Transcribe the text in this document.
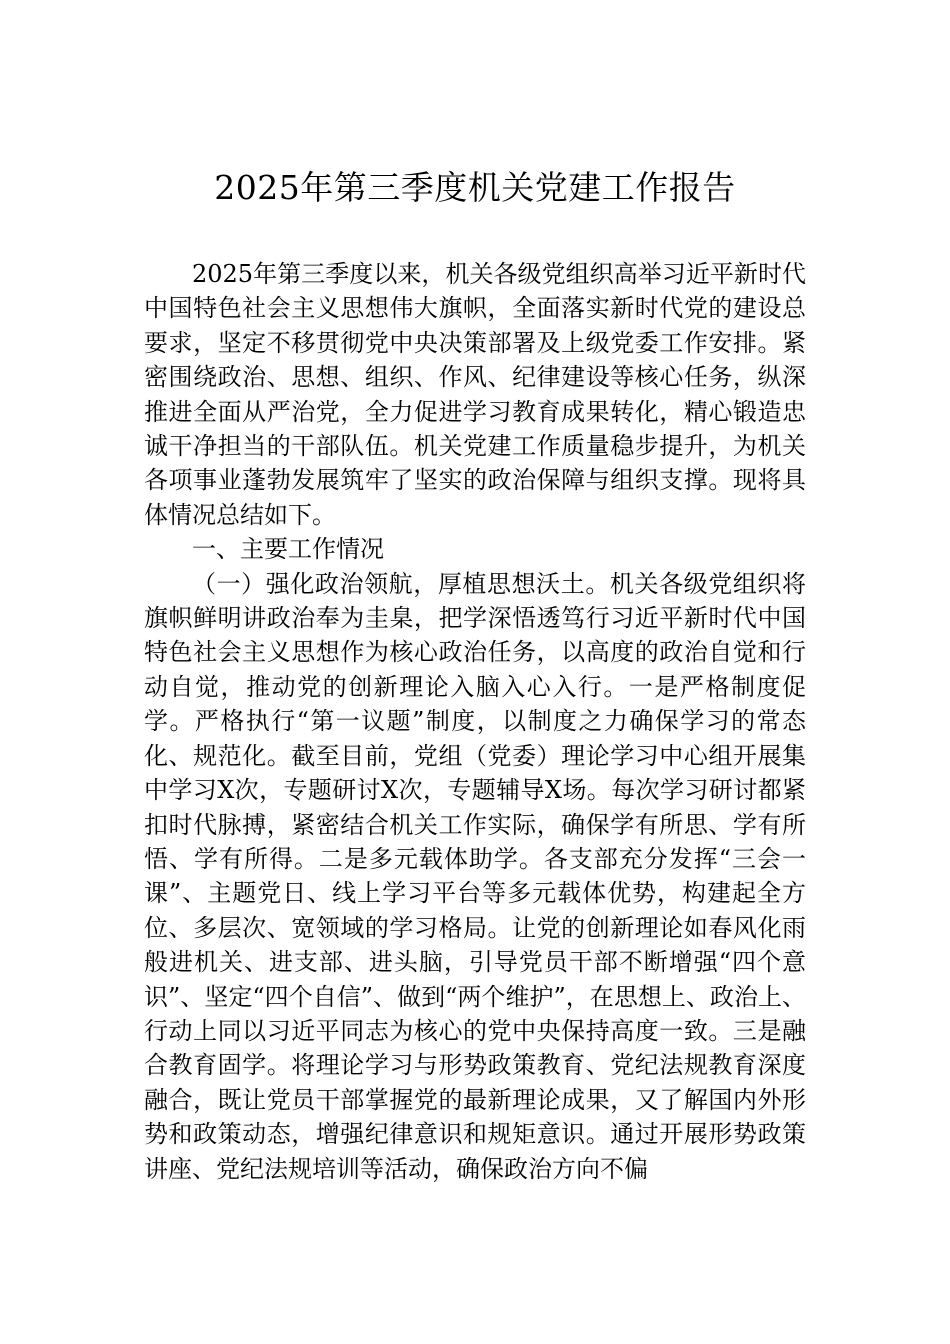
2025年第三季度机关党建工作报告

2025年第三季度以来，机关各级党组织高举习近平新时代中国特色社会主义思想伟大旗帜，全面落实新时代党的建设总要求，坚定不移贯彻党中央决策部署及上级党委工作安排。紧密围绕政治、思想、组织、作风、纪律建设等核心任务，纵深推进全面从严治党，全力促进学习教育成果转化，精心锻造忠诚干净担当的干部队伍。机关党建工作质量稳步提升，为机关各项事业蓬勃发展筑牢了坚实的政治保障与组织支撑。现将具体情况总结如下。

一、主要工作情况

（一）强化政治领航，厚植思想沃土。机关各级党组织将旗帜鲜明讲政治奉为圭臬，把学深悟透笃行习近平新时代中国特色社会主义思想作为核心政治任务，以高度的政治自觉和行动自觉，推动党的创新理论入脑入心入行。一是严格制度促学。严格执行“第一议题”制度，以制度之力确保学习的常态化、规范化。截至目前，党组（党委）理论学习中心组开展集中学习X次，专题研讨X次，专题辅导X场。每次学习研讨都紧扣时代脉搏，紧密结合机关工作实际，确保学有所思、学有所悟、学有所得。二是多元载体助学。各支部充分发挥“三会一课”、主题党日、线上学习平台等多元载体优势，构建起全方位、多层次、宽领域的学习格局。让党的创新理论如春风化雨般进机关、进支部、进头脑，引导党员干部不断增强“四个意识”、坚定“四个自信”、做到“两个维护”，在思想上、政治上、行动上同以习近平同志为核心的党中央保持高度一致。三是融合教育固学。将理论学习与形势政策教育、党纪法规教育深度融合，既让党员干部掌握党的最新理论成果，又了解国内外形势和政策动态，增强纪律意识和规矩意识。通过开展形势政策讲座、党纪法规培训等活动，确保政治方向不偏
